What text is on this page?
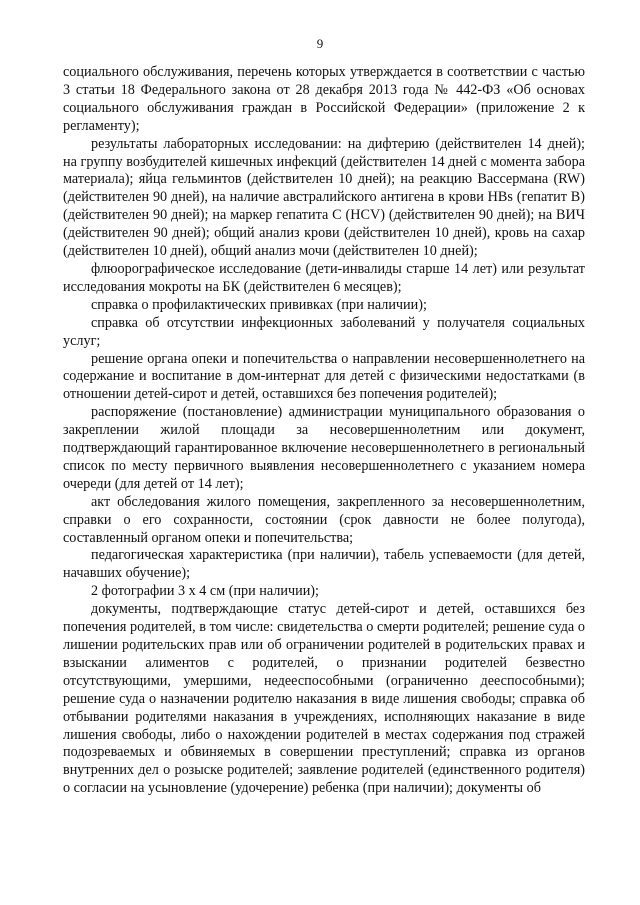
9

социального обслуживания, перечень которых утверждается в соответствии с частью 3 статьи 18 Федерального закона от 28 декабря 2013 года № 442-ФЗ «Об основах социального обслуживания граждан в Российской Федерации» (приложение 2 к регламенту);

результаты лабораторных исследовании: на дифтерию (действителен 14 дней); на группу возбудителей кишечных инфекций (действителен 14 дней с момента забора материала); яйца гельминтов (действителен 10 дней); на реакцию Вассермана (RW) (действителен 90 дней), на наличие австралийского антигена в крови HBs (гепатит В) (действителен 90 дней); на маркер гепатита С (HCV) (действителен 90 дней); на ВИЧ (действителен 90 дней); общий анализ крови (действителен 10 дней), кровь на сахар (действителен 10 дней), общий анализ мочи (действителен 10 дней);

флюорографическое исследование (дети-инвалиды старше 14 лет) или результат исследования мокроты на БК (действителен 6 месяцев);

справка о профилактических прививках (при наличии);

справка об отсутствии инфекционных заболеваний у получателя социальных услуг;

решение органа опеки и попечительства о направлении несовершеннолетнего на содержание и воспитание в дом-интернат для детей с физическими недостатками (в отношении детей-сирот и детей, оставшихся без попечения родителей);

распоряжение (постановление) администрации муниципального образования о закреплении жилой площади за несовершеннолетним или документ, подтверждающий гарантированное включение несовершеннолетнего в региональный список по месту первичного выявления несовершеннолетнего с указанием номера очереди (для детей от 14 лет);

акт обследования жилого помещения, закрепленного за несовершеннолетним, справки о его сохранности, состоянии (срок давности не более полугода), составленный органом опеки и попечительства;

педагогическая характеристика (при наличии), табель успеваемости (для детей, начавших обучение);

2 фотографии 3 х 4 см (при наличии);

документы, подтверждающие статус детей-сирот и детей, оставшихся без попечения родителей, в том числе: свидетельства о смерти родителей; решение суда о лишении родительских прав или об ограничении родителей в родительских правах и взыскании алиментов с родителей, о признании родителей безвестно отсутствующими, умершими, недееспособными (ограниченно дееспособными); решение суда о назначении родителю наказания в виде лишения свободы; справка об отбывании родителями наказания в учреждениях, исполняющих наказание в виде лишения свободы, либо о нахождении родителей в местах содержания под стражей подозреваемых и обвиняемых в совершении преступлений; справка из органов внутренних дел о розыске родителей; заявление родителей (единственного родителя) о согласии на усыновление (удочерение) ребенка (при наличии); документы об
